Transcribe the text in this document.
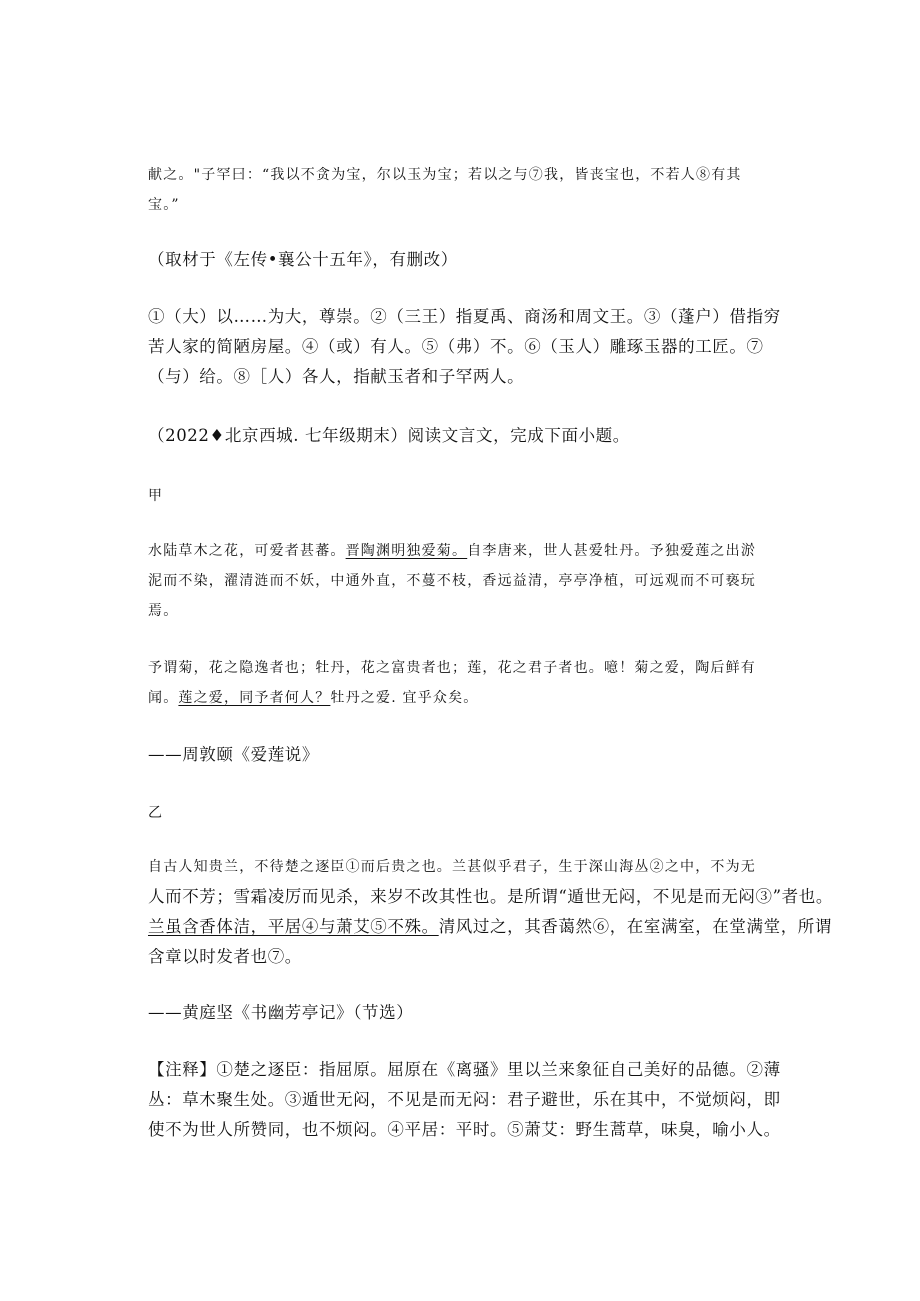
献之。"子罕曰：“我以不贪为宝，尔以玉为宝；若以之与⑦我，皆丧宝也，不若人⑧有其

宝。”

（取材于《左传•襄公十五年》，有删改）

①（大）以……为大，尊崇。②（三王）指夏禹、商汤和周文王。③（蓬户）借指穷

苦人家的简陋房屋。④（或）有人。⑤（弗）不。⑥（玉人）雕琢玉器的工匠。⑦

（与）给。⑧［人）各人，指献玉者和子罕两人。

（2022♦北京西城. 七年级期末）阅读文言文，完成下面小题。

甲

水陆草木之花，可爱者甚蕃。晋陶渊明独爱菊。自李唐来，世人甚爱牡丹。予独爱莲之出淤

泥而不染，濯清涟而不妖，中通外直，不蔓不枝，香远益清，亭亭净植，可远观而不可亵玩

焉。

予谓菊，花之隐逸者也；牡丹，花之富贵者也；莲，花之君子者也。噫！菊之爱，陶后鲜有

闻。莲之爱，同予者何人？牡丹之爱. 宜乎众矣。

——周敦颐《爱莲说》

乙

自古人知贵兰，不待楚之逐臣①而后贵之也。兰甚似乎君子，生于深山海丛②之中，不为无

人而不芳；雪霜凌厉而见杀，来岁不改其性也。是所谓“遁世无闷，不见是而无闷③”者也。

兰虽含香体洁，平居④与萧艾⑤不殊。清风过之，其香蔼然⑥，在室满室，在堂满堂，所谓

含章以时发者也⑦。

——黄庭坚《书幽芳亭记》（节选）

【注释】①楚之逐臣：指屈原。屈原在《离骚》里以兰来象征自己美好的品德。②薄

丛：草木聚生处。③遁世无闷，不见是而无闷：君子避世，乐在其中，不觉烦闷，即

使不为世人所赞同，也不烦闷。④平居：平时。⑤萧艾：野生蒿草，味臭，喻小人。
